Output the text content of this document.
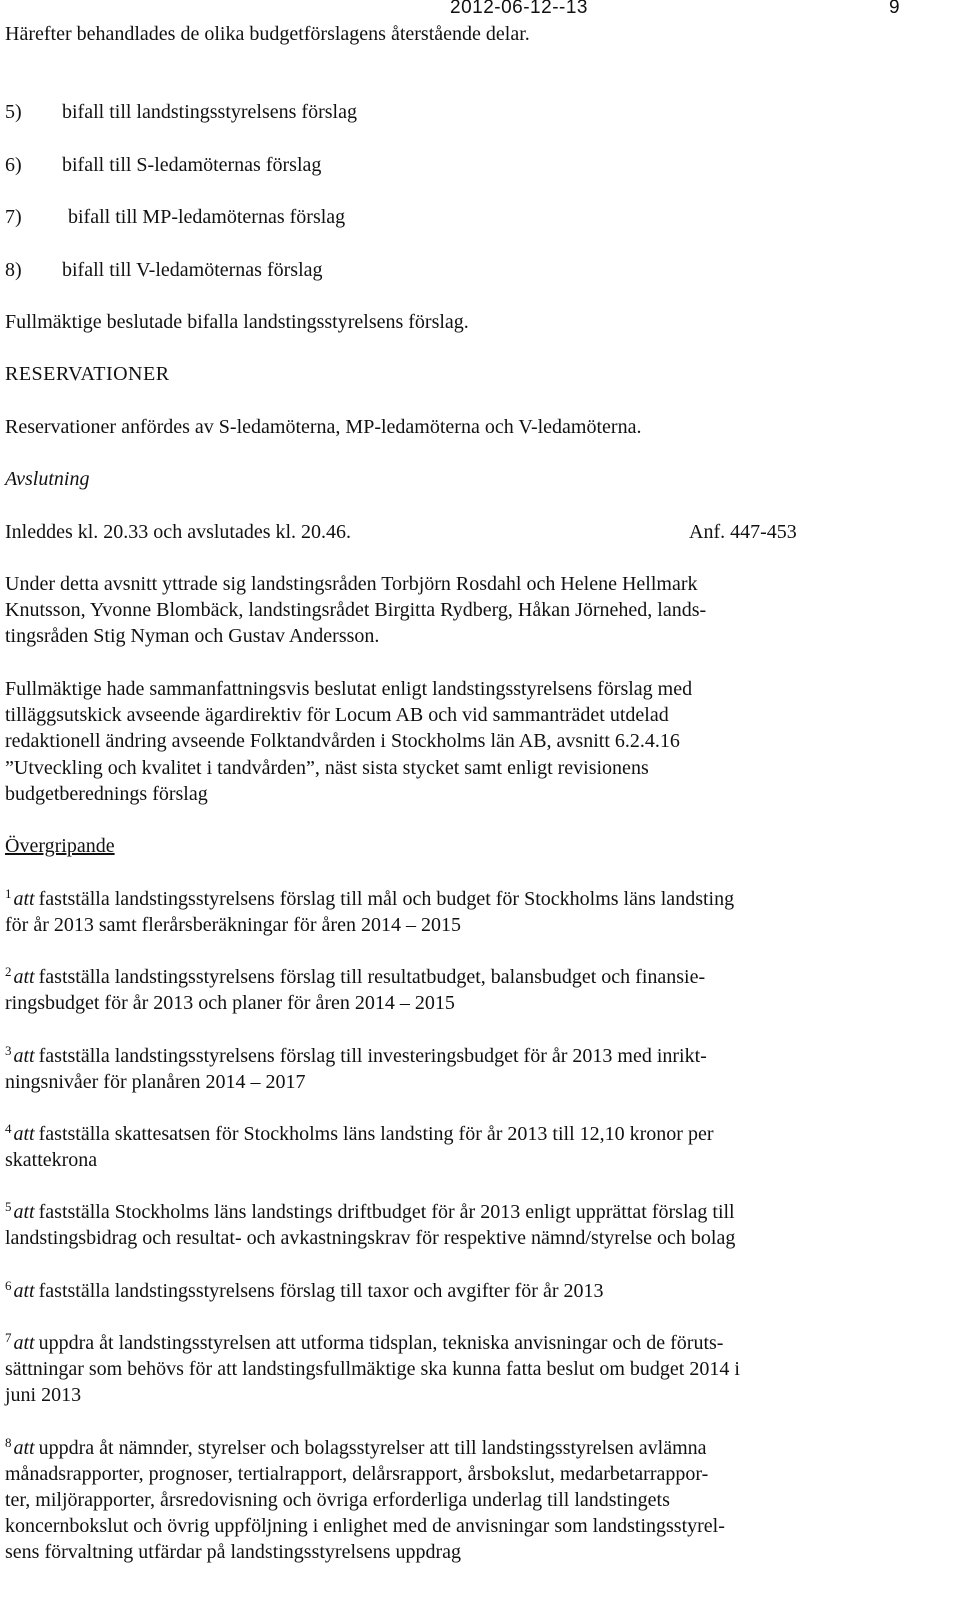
2012-06-12--13	9

Härefter behandlades de olika budgetförslagens återstående delar.

5) bifall till landstingsstyrelsens förslag

6) bifall till S-ledamöternas förslag

7) bifall till MP-ledamöternas förslag

8) bifall till V-ledamöternas förslag

Fullmäktige beslutade bifalla landstingsstyrelsens förslag.

RESERVATIONER

Reservationer anfördes av S-ledamöterna, MP-ledamöterna och V-ledamöterna.

Avslutning

Inleddes kl. 20.33 och avslutades kl. 20.46.	Anf. 447-453

Under detta avsnitt yttrade sig landstingsråden Torbjörn Rosdahl och Helene Hellmark

Knutsson, Yvonne Blombäck, landstingsrådet Birgitta Rydberg, Håkan Jörnehed, lands-

tingsråden Stig Nyman och Gustav Andersson.

Fullmäktige hade sammanfattningsvis beslutat enligt landstingsstyrelsens förslag med

tilläggsutskick avseende ägardirektiv för Locum AB och vid sammanträdet utdelad

redaktionell ändring avseende Folktandvården i Stockholms län AB, avsnitt 6.2.4.16

”Utveckling och kvalitet i tandvården”, näst sista stycket samt enligt revisionens

budgetberednings förslag

Övergripande

$^1$ att fastställa landstingsstyrelsens förslag till mål och budget för Stockholms läns landsting

för år 2013 samt flerårsberäkningar för åren 2014 – 2015

$^2$ att fastställa landstingsstyrelsens förslag till resultatbudget, balansbudget och finansie-

ringsbudget för år 2013 och planer för åren 2014 – 2015

$^3$ att fastställa landstingsstyrelsens förslag till investeringsbudget för år 2013 med inrikt-

ningsnivåer för planåren 2014 – 2017

$^4$ att fastställa skattesatsen för Stockholms läns landsting för år 2013 till 12,10 kronor per

skattekrona

$^5$ att fastställa Stockholms läns landstings driftbudget för år 2013 enligt upprättat förslag till

landstingsbidrag och resultat- och avkastningskrav för respektive nämnd/styrelse och bolag

$^6$ att fastställa landstingsstyrelsens förslag till taxor och avgifter för år 2013

$^7$ att uppdra åt landstingsstyrelsen att utforma tidsplan, tekniska anvisningar och de föruts-

sättningar som behövs för att landstingsfullmäktige ska kunna fatta beslut om budget 2014 i

juni 2013

$^8$ att uppdra åt nämnder, styrelser och bolagsstyrelser att till landstingsstyrelsen avlämna

månadsrapporter, prognoser, tertialrapport, delårsrapport, årsbokslut, medarbetarrappor-

ter, miljörapporter, årsredovisning och övriga erforderliga underlag till landstingets

koncernbokslut och övrig uppföljning i enlighet med de anvisningar som landstingsstyrel-

sens förvaltning utfärdar på landstingsstyrelsens uppdrag
